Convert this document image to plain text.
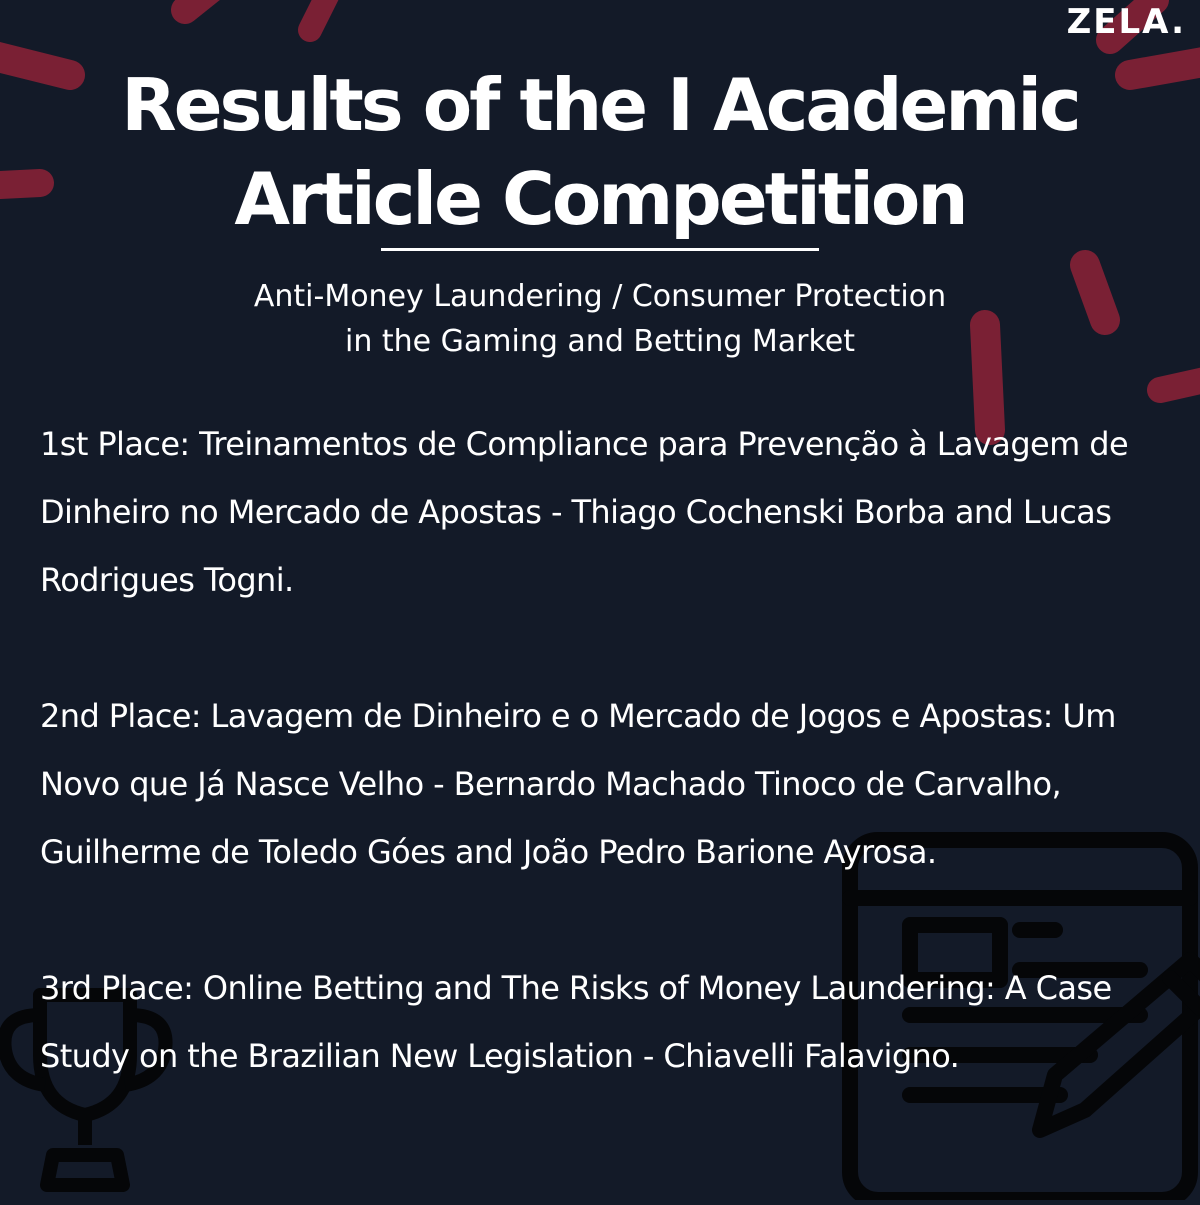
ZELA.
Results of the I Academic
Article Competition

Anti-Money Laundering / Consumer Protection
in the Gaming and Betting Market

1st Place: Treinamentos de Compliance para Prevenção à Lavagem de Dinheiro no Mercado de Apostas - Thiago Cochenski Borba and Lucas Rodrigues Togni.

2nd Place: Lavagem de Dinheiro e o Mercado de Jogos e Apostas: Um Novo que Já Nasce Velho - Bernardo Machado Tinoco de Carvalho, Guilherme de Toledo Góes and João Pedro Barione Ayrosa.

3rd Place: Online Betting and The Risks of Money Laundering: A Case Study on the Brazilian New Legislation - Chiavelli Falavigno.
